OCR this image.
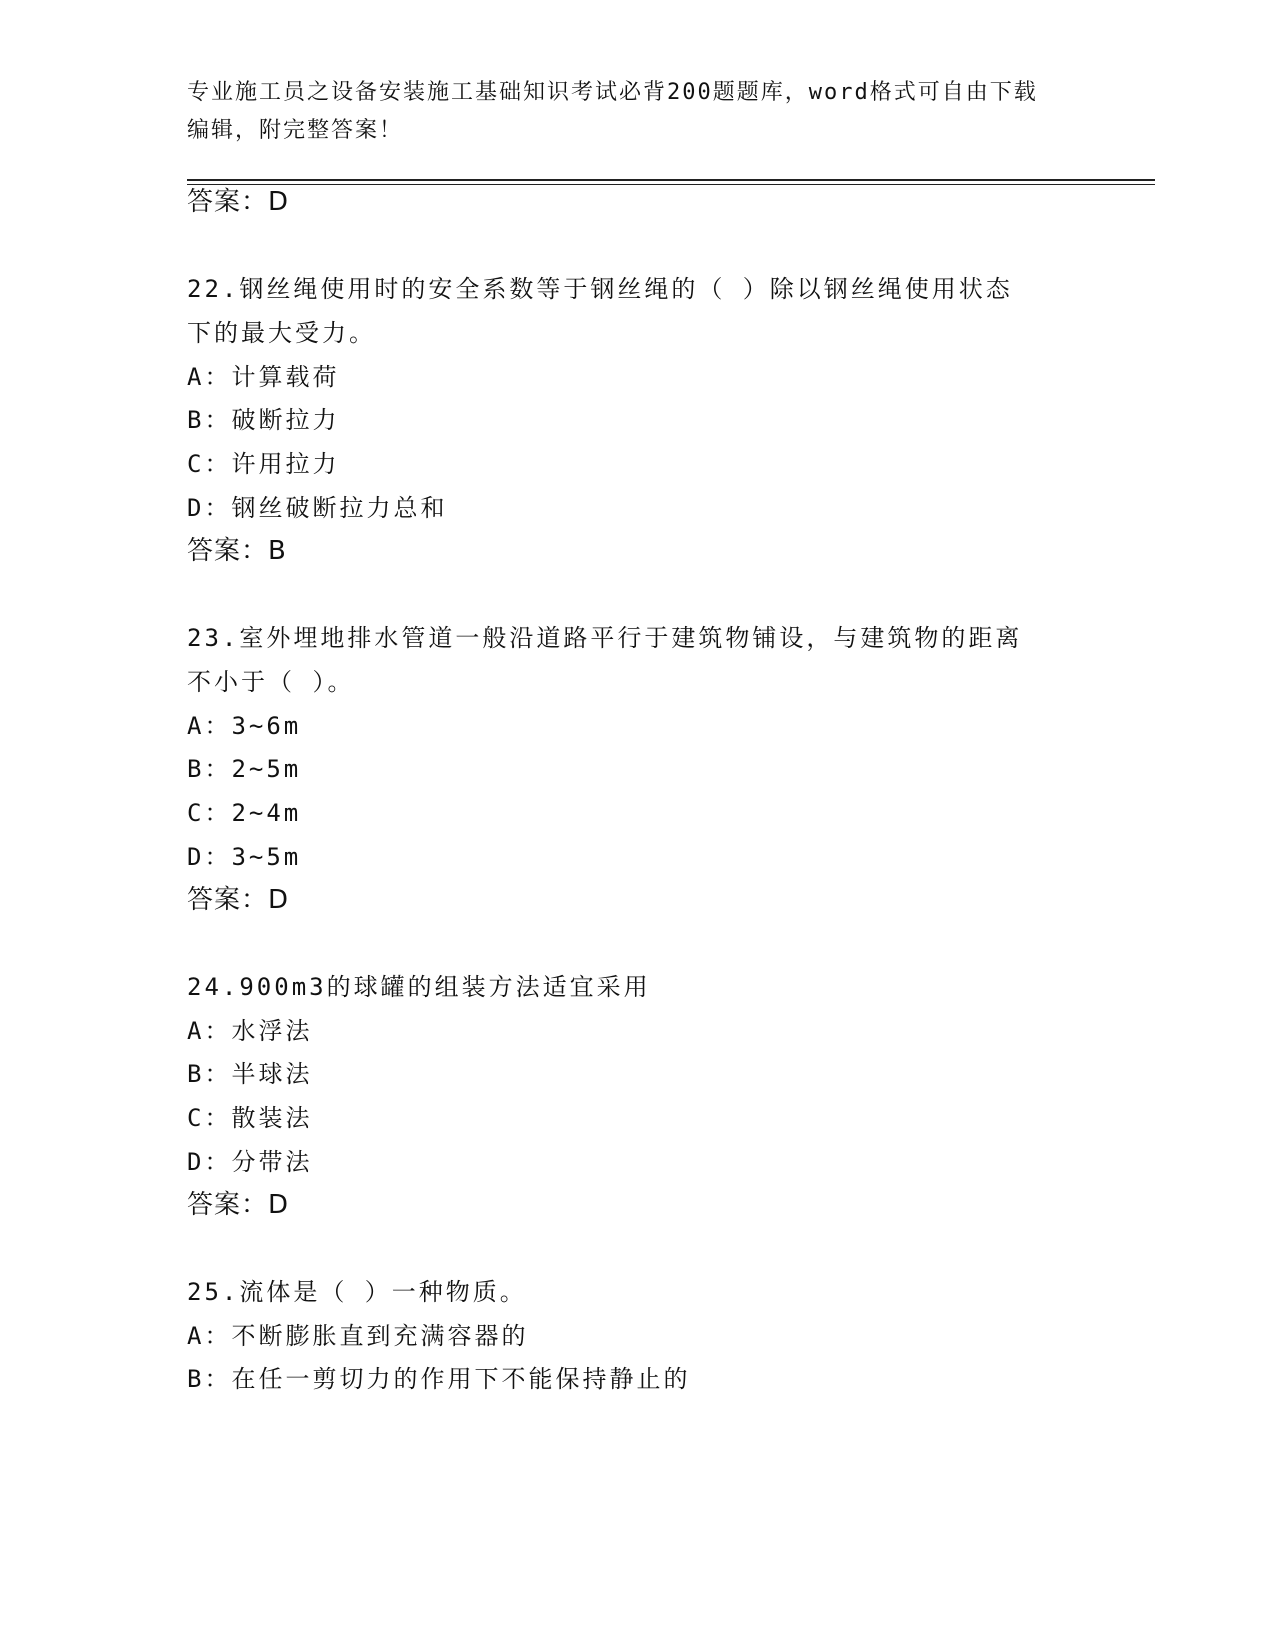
专业施工员之设备安装施工基础知识考试必背200题题库，word格式可自由下载
编辑，附完整答案！
答案：D
22.钢丝绳使用时的安全系数等于钢丝绳的（ ）除以钢丝绳使用状态
下的最大受力。
A：计算载荷
B：破断拉力
C：许用拉力
D：钢丝破断拉力总和
答案：B
23.室外埋地排水管道一般沿道路平行于建筑物铺设，与建筑物的距离
不小于（ ）。
A：3~6m
B：2~5m
C：2~4m
D：3~5m
答案：D
24.900m3的球罐的组装方法适宜采用
A：水浮法
B：半球法
C：散装法
D：分带法
答案：D
25.流体是（ ）一种物质。
A：不断膨胀直到充满容器的
B：在任一剪切力的作用下不能保持静止的
